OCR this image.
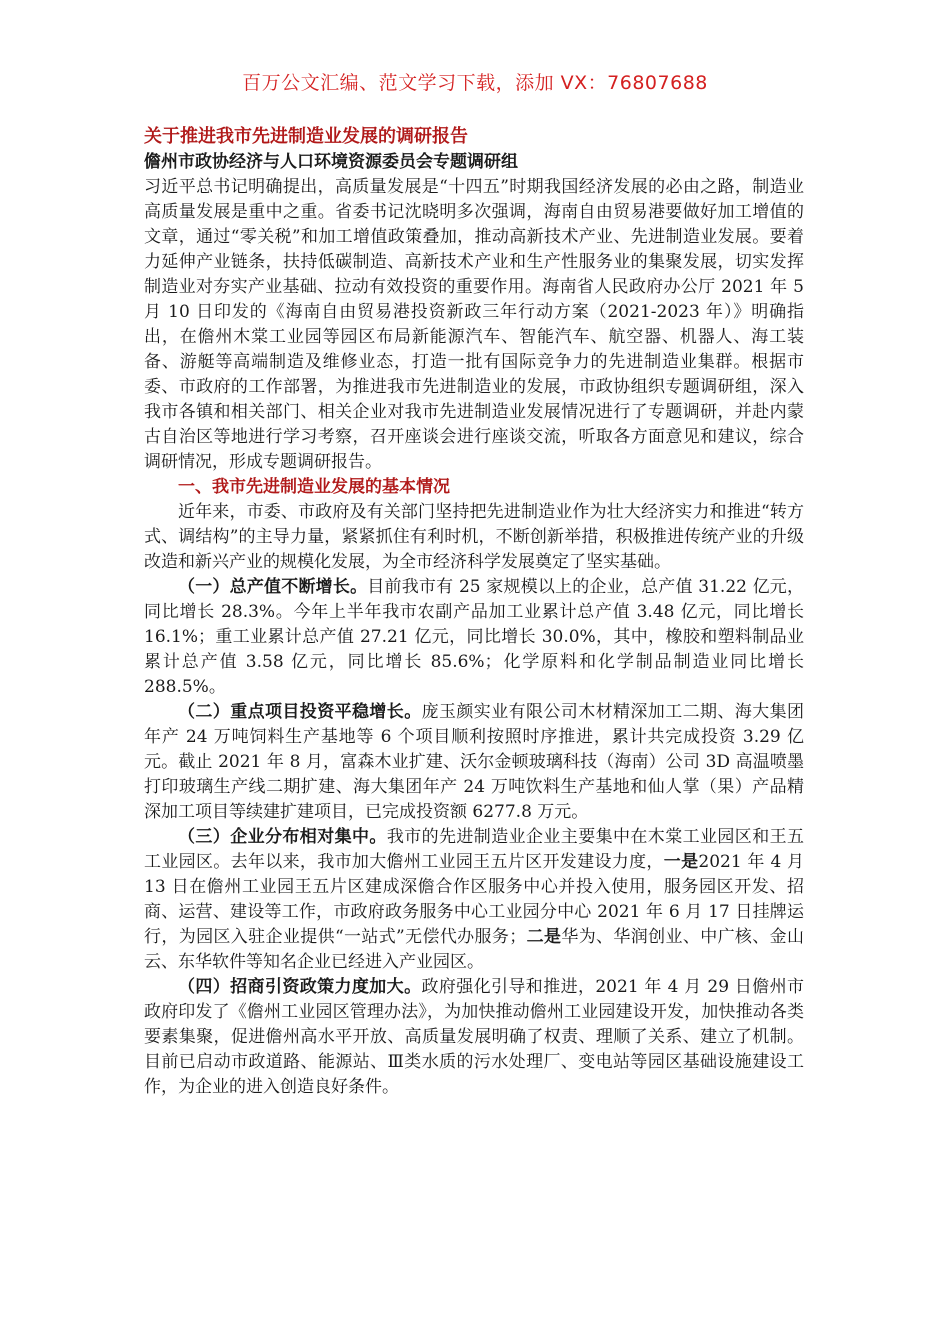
百万公文汇编、范文学习下载，添加 VX：76807688
关于推进我市先进制造业发展的调研报告
儋州市政协经济与人口环境资源委员会专题调研组

习近平总书记明确提出，高质量发展是“十四五”时期我国经济发展的必由之路，制造业高质量发展是重中之重。省委书记沈晓明多次强调，海南自由贸易港要做好加工增值的文章，通过“零关税”和加工增值政策叠加，推动高新技术产业、先进制造业发展。要着力延伸产业链条，扶持低碳制造、高新技术产业和生产性服务业的集聚发展，切实发挥制造业对夯实产业基础、拉动有效投资的重要作用。海南省人民政府办公厅 2021 年 5 月 10 日印发的《海南自由贸易港投资新政三年行动方案（2021-2023 年）》明确指出，在儋州木棠工业园等园区布局新能源汽车、智能汽车、航空器、机器人、海工装备、游艇等高端制造及维修业态，打造一批有国际竞争力的先进制造业集群。根据市委、市政府的工作部署，为推进我市先进制造业的发展，市政协组织专题调研组，深入我市各镇和相关部门、相关企业对我市先进制造业发展情况进行了专题调研，并赴内蒙古自治区等地进行学习考察，召开座谈会进行座谈交流，听取各方面意见和建议，综合调研情况，形成专题调研报告。

一、我市先进制造业发展的基本情况

近年来，市委、市政府及有关部门坚持把先进制造业作为壮大经济实力和推进“转方式、调结构”的主导力量，紧紧抓住有利时机，不断创新举措，积极推进传统产业的升级改造和新兴产业的规模化发展，为全市经济科学发展奠定了坚实基础。

（一）总产值不断增长。目前我市有 25 家规模以上的企业，总产值 31.22 亿元，同比增长 28.3%。今年上半年我市农副产品加工业累计总产值 3.48 亿元，同比增长 16.1%；重工业累计总产值 27.21 亿元，同比增长 30.0%，其中，橡胶和塑料制品业累计总产值 3.58 亿元，同比增长 85.6%；化学原料和化学制品制造业同比增长 288.5%。

（二）重点项目投资平稳增长。庞玉颜实业有限公司木材精深加工二期、海大集团年产 24 万吨饲料生产基地等 6 个项目顺利按照时序推进，累计共完成投资 3.29 亿元。截止 2021 年 8 月，富森木业扩建、沃尔金顿玻璃科技（海南）公司 3D 高温喷墨打印玻璃生产线二期扩建、海大集团年产 24 万吨饮料生产基地和仙人掌（果）产品精深加工项目等续建扩建项目，已完成投资额 6277.8 万元。

（三）企业分布相对集中。我市的先进制造业企业主要集中在木棠工业园区和王五工业园区。去年以来，我市加大儋州工业园王五片区开发建设力度，一是2021 年 4 月 13 日在儋州工业园王五片区建成深儋合作区服务中心并投入使用，服务园区开发、招商、运营、建设等工作，市政府政务服务中心工业园分中心 2021 年 6 月 17 日挂牌运行，为园区入驻企业提供“一站式”无偿代办服务；二是华为、华润创业、中广核、金山云、东华软件等知名企业已经进入产业园区。

（四）招商引资政策力度加大。政府强化引导和推进，2021 年 4 月 29 日儋州市政府印发了《儋州工业园区管理办法》，为加快推动儋州工业园建设开发，加快推动各类要素集聚，促进儋州高水平开放、高质量发展明确了权责、理顺了关系、建立了机制。目前已启动市政道路、能源站、Ⅲ类水质的污水处理厂、变电站等园区基础设施建设工作，为企业的进入创造良好条件。
